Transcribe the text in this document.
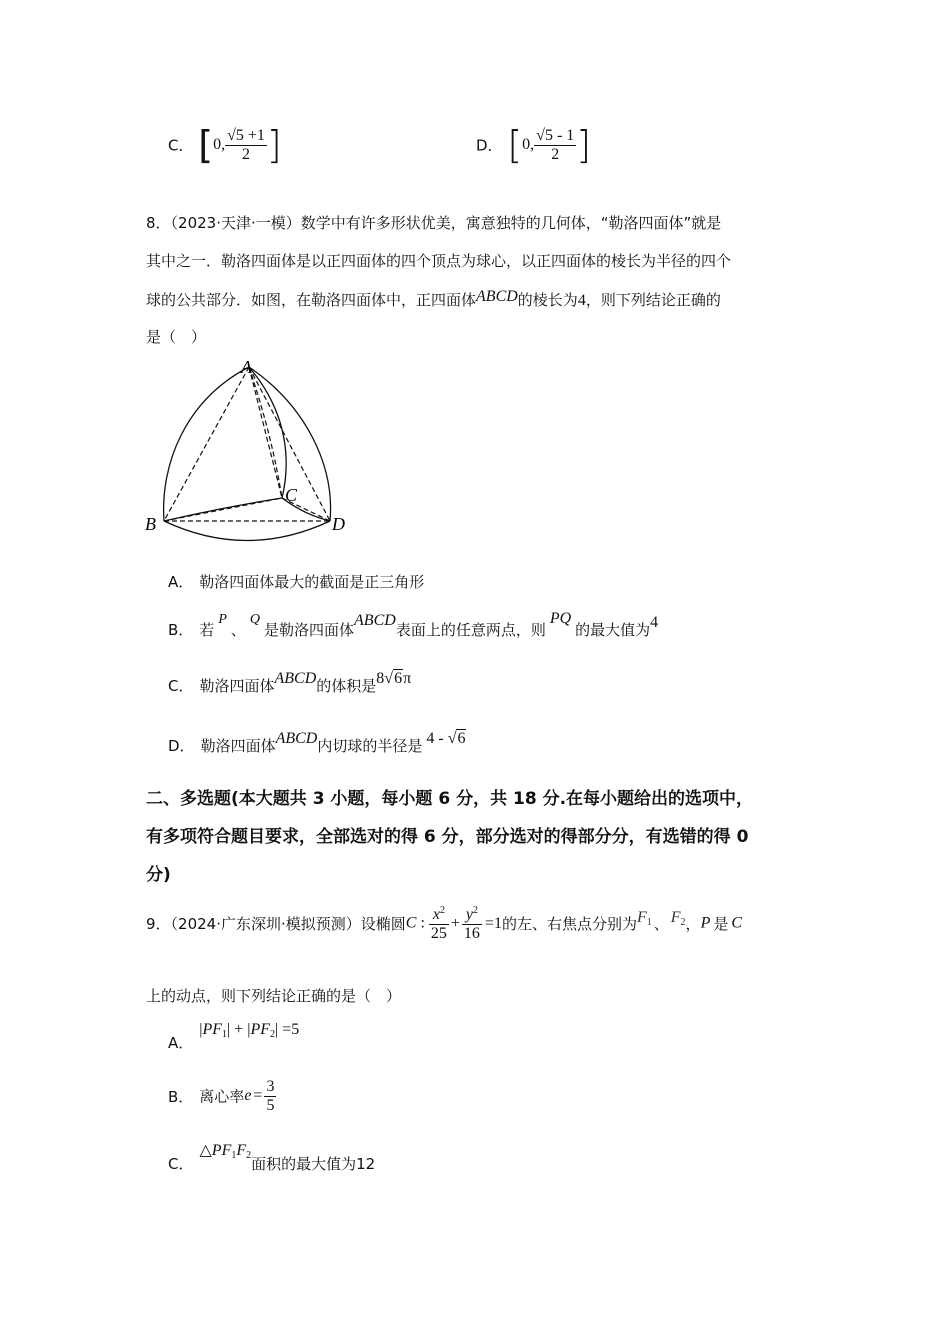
C． [0, $\frac{√5 +1}{2}$ ]	D． [0, $\frac{√5 - 1}{2}$ ]
8．（2023·天津·一模）数学中有许多形状优美，寓意独特的几何体，“勒洛四面体”就是
其中之一．勒洛四面体是以正四面体的四个顶点为球心，以正四面体的棱长为半径的四个
球的公共部分．如图，在勒洛四面体中，正四面体ABCD的棱长为4，则下列结论正确的
是（　）
A
B
C
D
A． 勒洛四面体最大的截面是正三角形
B． 若P、Q是勒洛四面体ABCD表面上的任意两点，则PQ的最大值为4
C． 勒洛四面体ABCD的体积是8√6π
D． 勒洛四面体ABCD内切球的半径是 4 - √6
二、多选题(本大题共 3 小题，每小题 6 分，共 18 分.在每小题给出的选项中，
有多项符合题目要求，全部选对的得 6 分，部分选对的得部分分，有选错的得 0
分)
9．（2024·广东深圳·模拟预测）设椭圆C : $\frac{x^2}{25} + \frac{y^2}{16} =1$的左、右焦点分别为$F_1$ 、 $F_2$，P 是 C
上的动点，则下列结论正确的是（　）
A．$|PF_1| + |PF_2| =5$
B． 离心率$e = \frac{3}{5}$
C．$\triangle PF_1F_2$面积的最大值为12
